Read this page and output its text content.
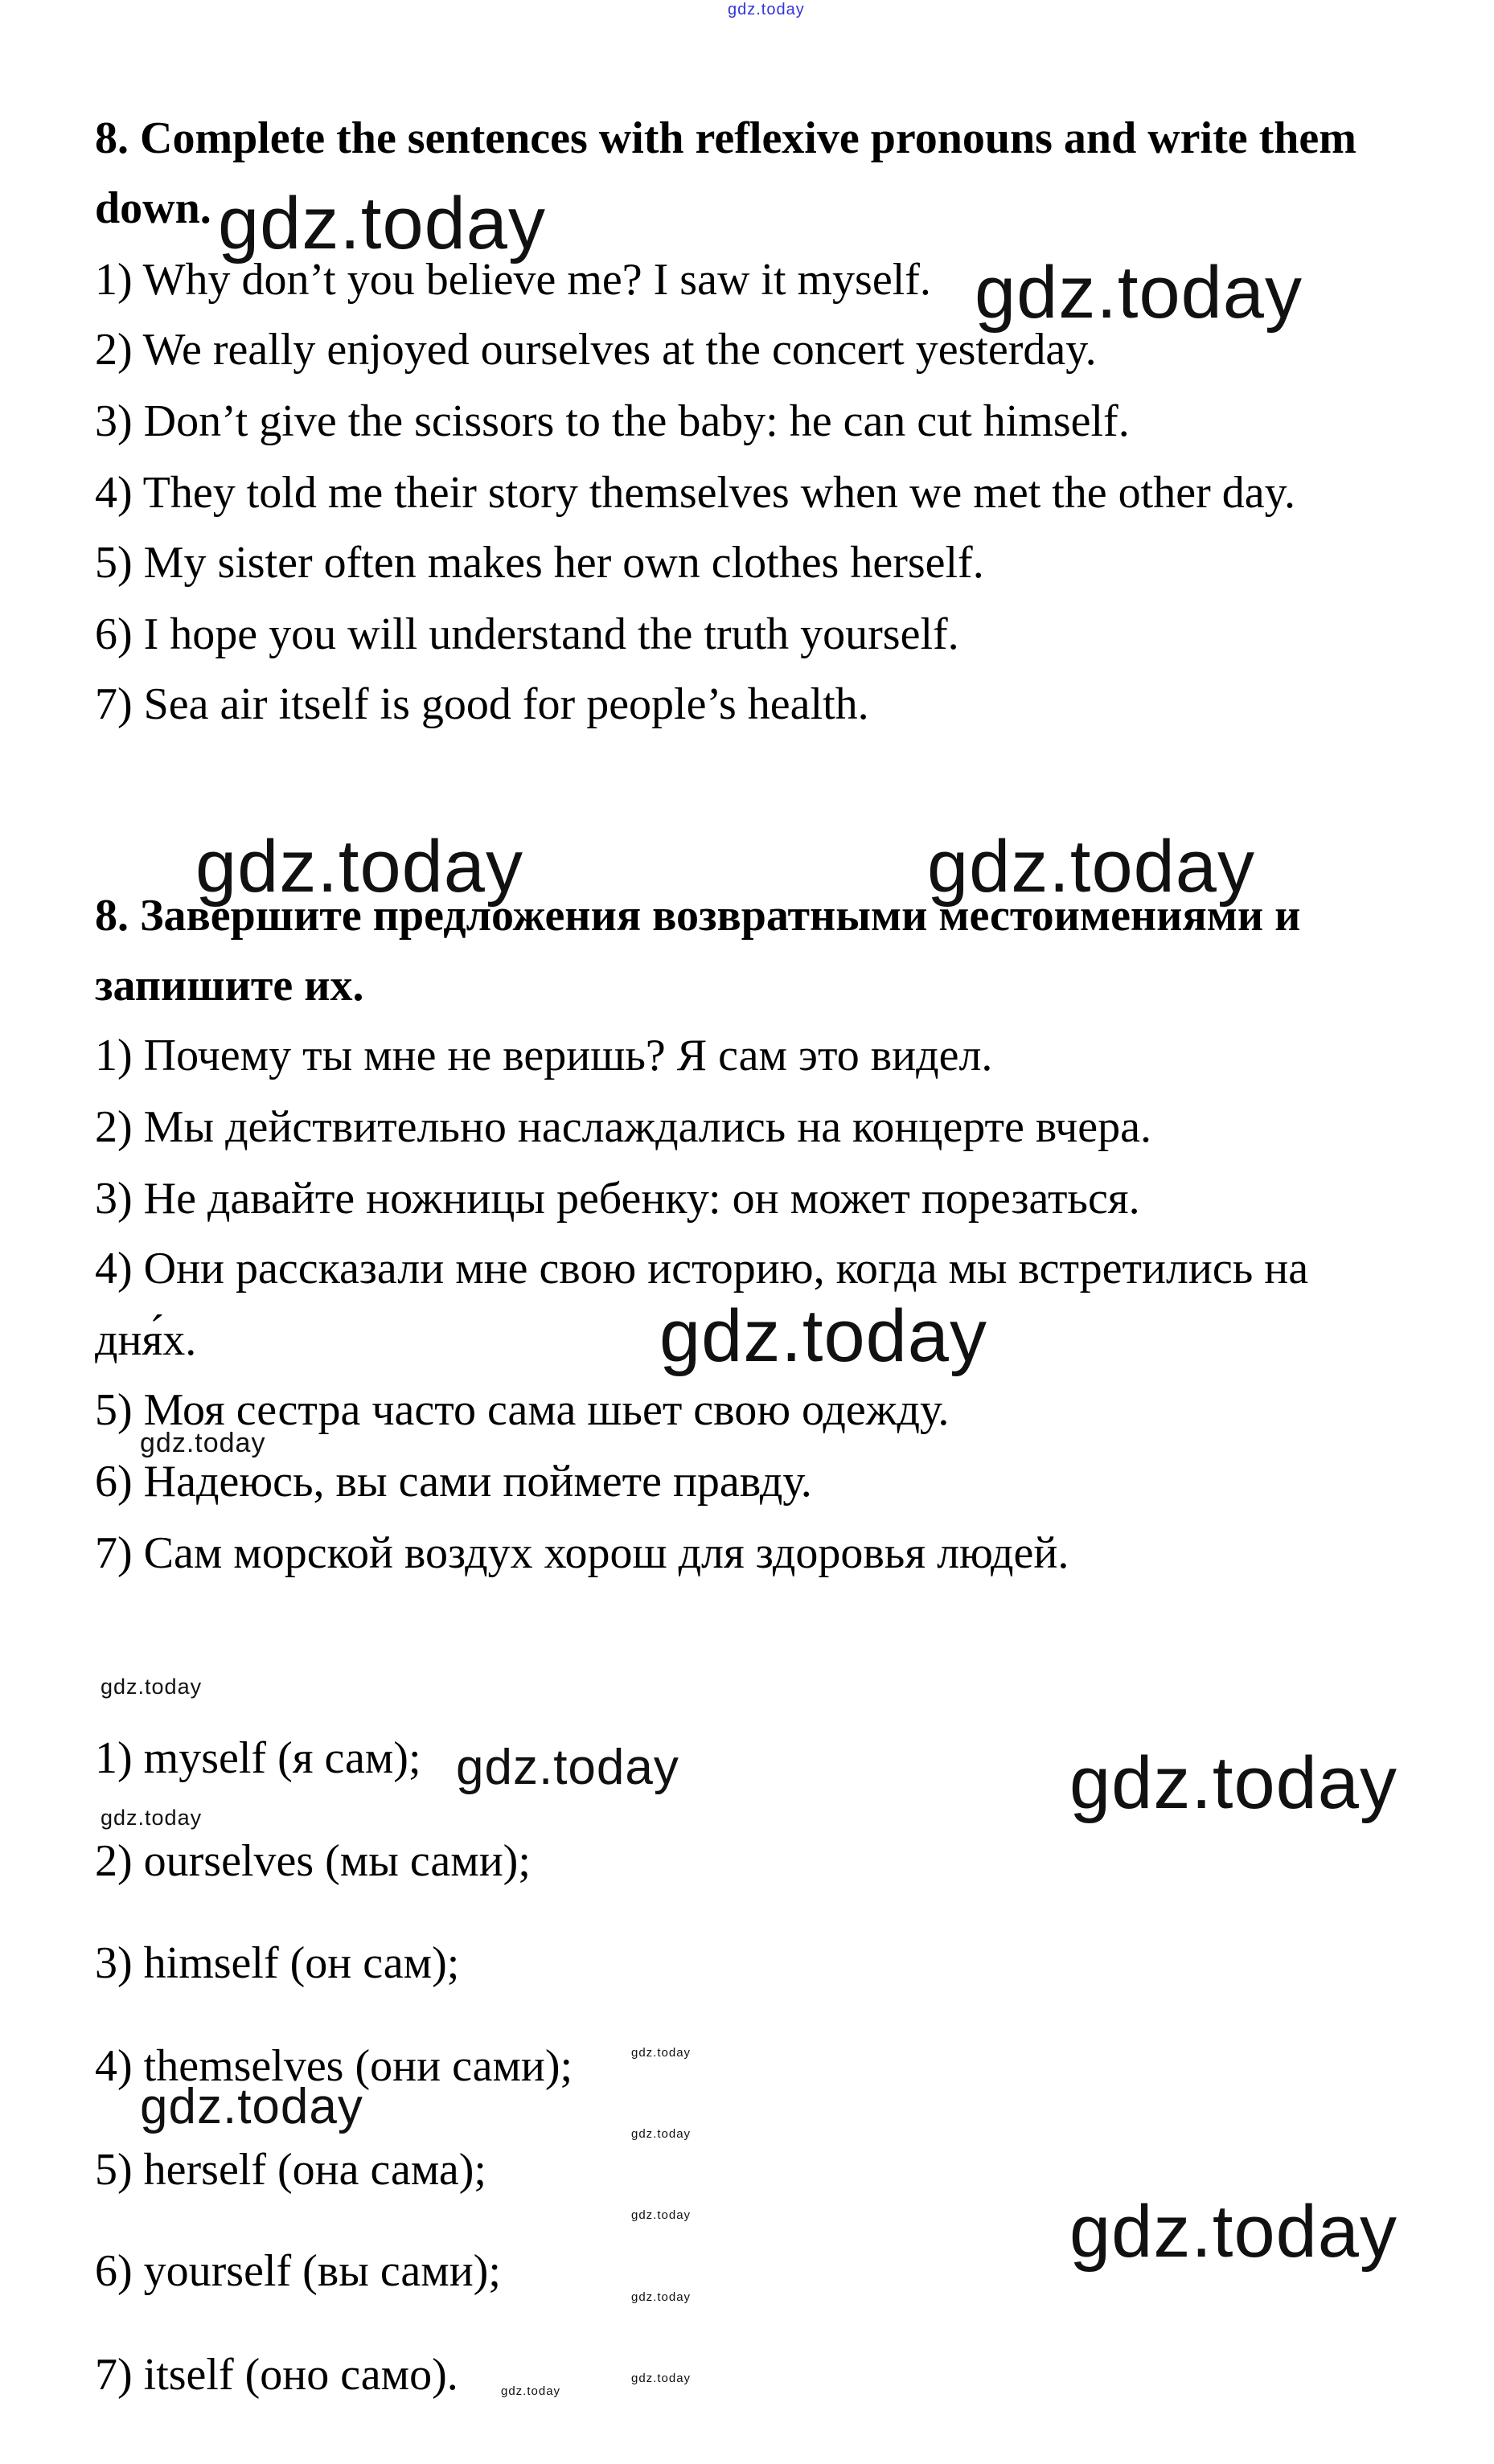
gdz.today
gdz.today
gdz.today
gdz.today	gdz.today
gdz.today
gdz.today
gdz.today
gdz.today	gdz.today
gdz.today
gdz.today
gdz.today
gdz.today
gdz.today
gdz.today
gdz.today
gdz.today
gdz.today
8. Complete the sentences with reflexive pronouns and write them
down.
1) Why don’t you believe me? I saw it myself.
2) We really enjoyed ourselves at the concert yesterday.
3) Don’t give the scissors to the baby: he can cut himself.
4) They told me their story themselves when we met the other day.
5) My sister often makes her own clothes herself.
6) I hope you will understand the truth yourself.
7) Sea air itself is good for people’s health.
8. Завершите предложения возвратными местоимениями и
запишите их.
1) Почему ты мне не веришь? Я сам это видел.
2) Мы действительно наслаждались на концерте вчера.
3) Не давайте ножницы ребенку: он может порезаться.
4) Они рассказали мне свою историю, когда мы встретились на
дня́х.
5) Моя сестра часто сама шьет свою одежду.
6) Надеюсь, вы сами поймете правду.
7) Сам морской воздух хорош для здоровья людей.
1) myself (я сам);
2) ourselves (мы сами);
3) himself (он сам);
4) themselves (они сами);
5) herself (она сама);
6) yourself (вы сами);
7) itself (оно само).
